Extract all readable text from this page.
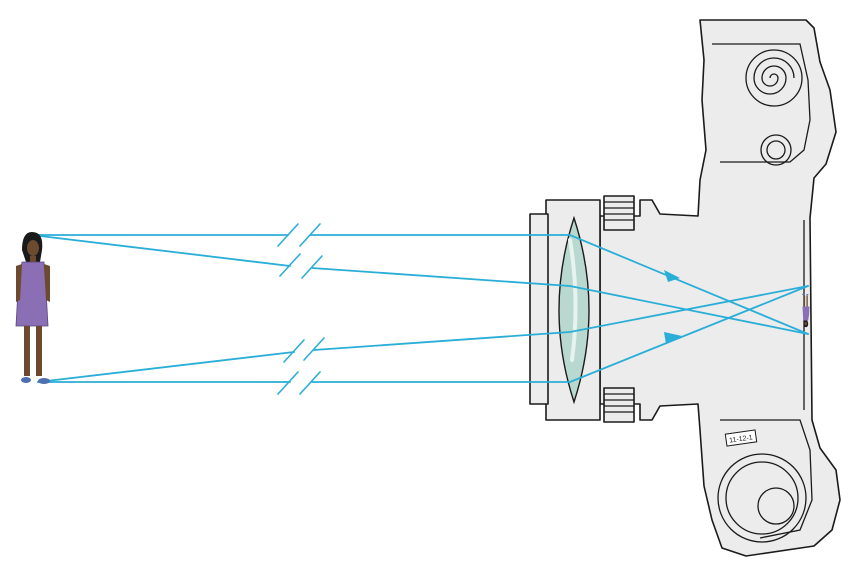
11-12-1
